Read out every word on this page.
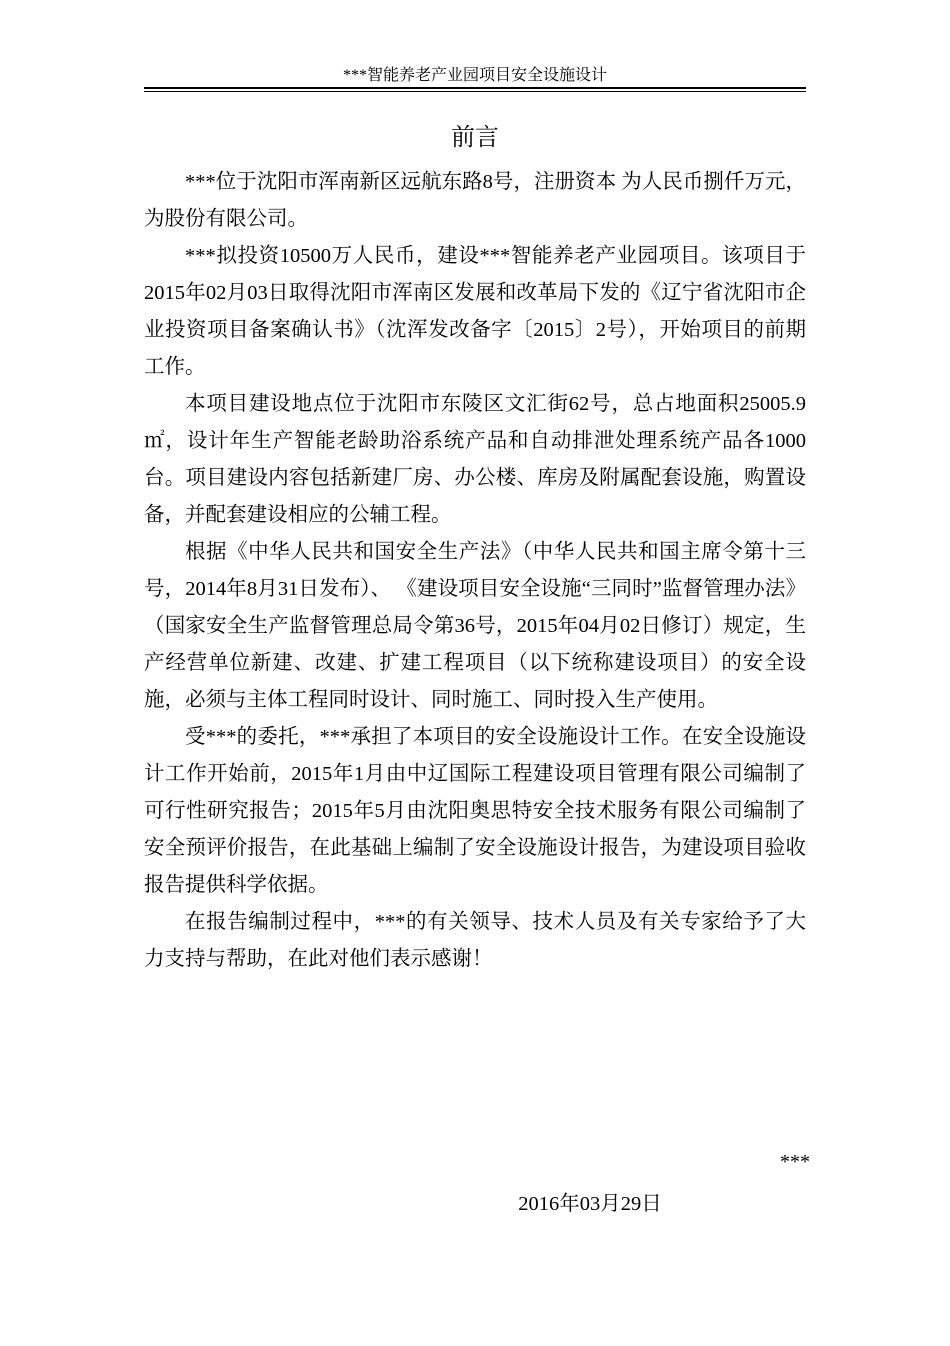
***智能养老产业园项目安全设施设计
前言

***位于沈阳市浑南新区远航东路8号，注册资本 为人民币捌仟万元，为股份有限公司。

***拟投资10500万人民币，建设***智能养老产业园项目。该项目于2015年02月03日取得沈阳市浑南区发展和改革局下发的《辽宁省沈阳市企业投资项目备案确认书》（沈浑发改备字〔2015〕2号），开始项目的前期工作。

本项目建设地点位于沈阳市东陵区文汇街62号，总占地面积25005.9㎡，设计年生产智能老龄助浴系统产品和自动排泄处理系统产品各1000台。项目建设内容包括新建厂房、办公楼、库房及附属配套设施，购置设备，并配套建设相应的公辅工程。

根据《中华人民共和国安全生产法》（中华人民共和国主席令第十三号，2014年8月31日发布）、 《建设项目安全设施“三同时”监督管理办法》（国家安全生产监督管理总局令第36号，2015年04月02日修订）规定，生产经营单位新建、改建、扩建工程项目（以下统称建设项目）的安全设施，必须与主体工程同时设计、同时施工、同时投入生产使用。

受***的委托，***承担了本项目的安全设施设计工作。在安全设施设计工作开始前，2015年1月由中辽国际工程建设项目管理有限公司编制了可行性研究报告；2015年5月由沈阳奥思特安全技术服务有限公司编制了安全预评价报告，在此基础上编制了安全设施设计报告，为建设项目验收报告提供科学依据。

在报告编制过程中，***的有关领导、技术人员及有关专家给予了大力支持与帮助，在此对他们表示感谢！

***
2016年03月29日
